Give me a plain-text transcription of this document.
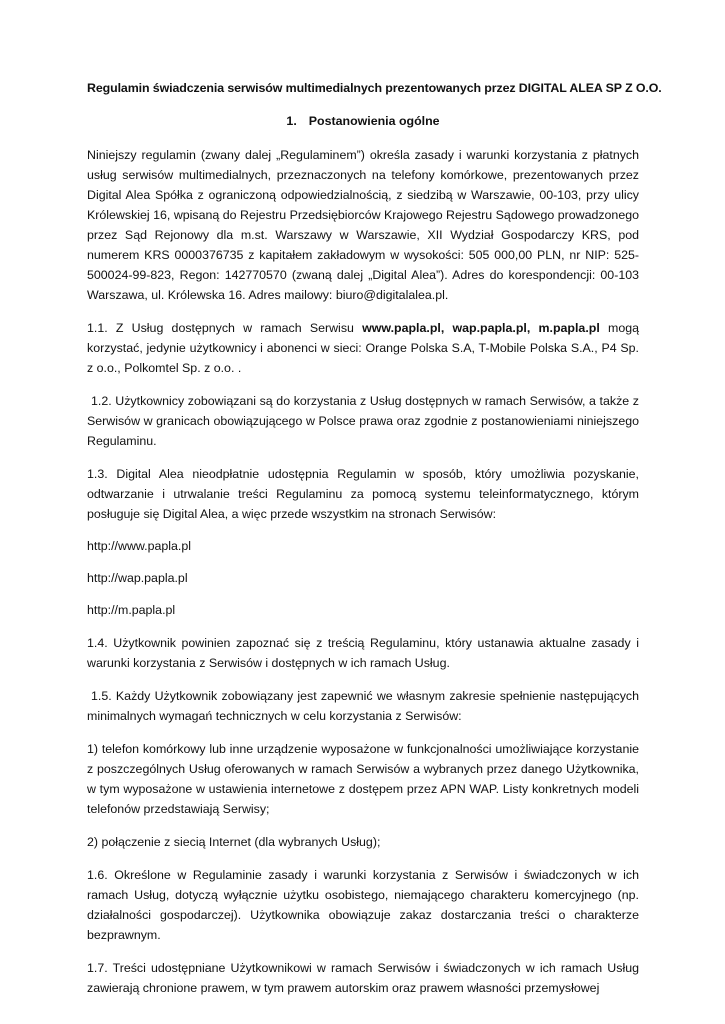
Regulamin świadczenia serwisów multimedialnych prezentowanych przez DIGITAL ALEA SP Z O.O.
1. Postanowienia ogólne

Niniejszy regulamin (zwany dalej „Regulaminem”) określa zasady i warunki korzystania z płatnych usług serwisów multimedialnych, przeznaczonych na telefony komórkowe, prezentowanych przez Digital Alea Spółka z ograniczoną odpowiedzialnością, z siedzibą w Warszawie, 00-103, przy ulicy Królewskiej 16, wpisaną do Rejestru Przedsiębiorców Krajowego Rejestru Sądowego prowadzonego przez Sąd Rejonowy dla m.st. Warszawy w Warszawie, XII Wydział Gospodarczy KRS, pod numerem KRS 0000376735 z kapitałem zakładowym w wysokości: 505 000,00 PLN, nr NIP: 525-500024-99-823, Regon: 142770570 (zwaną dalej „Digital Alea”). Adres do korespondencji: 00-103 Warszawa, ul. Królewska 16. Adres mailowy: biuro@digitalalea.pl.

1.1. Z Usług dostępnych w ramach Serwisu www.papla.pl, wap.papla.pl, m.papla.pl mogą korzystać, jedynie użytkownicy i abonenci w sieci: Orange Polska S.A, T-Mobile Polska S.A., P4 Sp. z o.o., Polkomtel Sp. z o.o. .

1.2. Użytkownicy zobowiązani są do korzystania z Usług dostępnych w ramach Serwisów, a także z Serwisów w granicach obowiązującego w Polsce prawa oraz zgodnie z postanowieniami niniejszego Regulaminu.

1.3. Digital Alea nieodpłatnie udostępnia Regulamin w sposób, który umożliwia pozyskanie, odtwarzanie i utrwalanie treści Regulaminu za pomocą systemu teleinformatycznego, którym posługuje się Digital Alea, a więc przede wszystkim na stronach Serwisów:

http://www.papla.pl

http://wap.papla.pl

http://m.papla.pl

1.4. Użytkownik powinien zapoznać się z treścią Regulaminu, który ustanawia aktualne zasady i warunki korzystania z Serwisów i dostępnych w ich ramach Usług.

1.5. Każdy Użytkownik zobowiązany jest zapewnić we własnym zakresie spełnienie następujących minimalnych wymagań technicznych w celu korzystania z Serwisów:

1) telefon komórkowy lub inne urządzenie wyposażone w funkcjonalności umożliwiające korzystanie z poszczególnych Usług oferowanych w ramach Serwisów a wybranych przez danego Użytkownika, w tym wyposażone w ustawienia internetowe z dostępem przez APN WAP. Listy konkretnych modeli telefonów przedstawiają Serwisy;

2) połączenie z siecią Internet (dla wybranych Usług);

1.6. Określone w Regulaminie zasady i warunki korzystania z Serwisów i świadczonych w ich ramach Usług, dotyczą wyłącznie użytku osobistego, niemającego charakteru komercyjnego (np. działalności gospodarczej). Użytkownika obowiązuje zakaz dostarczania treści o charakterze bezprawnym.

1.7. Treści udostępniane Użytkownikowi w ramach Serwisów i świadczonych w ich ramach Usług zawierają chronione prawem, w tym prawem autorskim oraz prawem własności przemysłowej
